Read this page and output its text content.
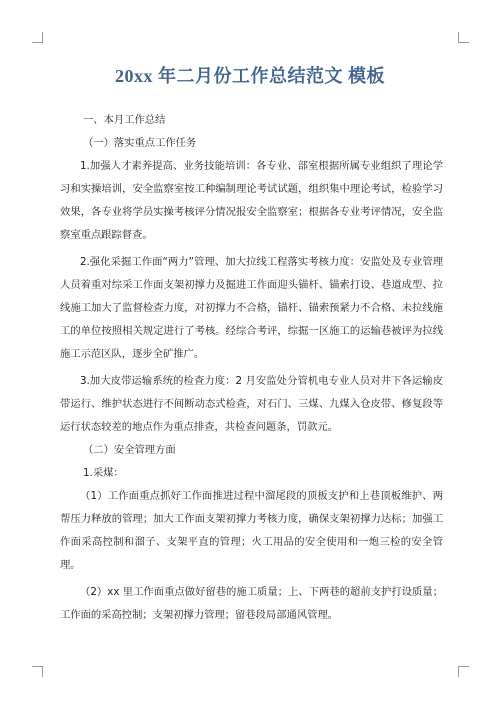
20xx 年二月份工作总结范文 模板

一、本月工作总结

（一）落实重点工作任务

1.加强人才素养提高、业务技能培训：各专业、部室根据所属专业组织了理论学习和实操培训，安全监察室按工种编制理论考试试题，组织集中理论考试，检验学习效果，各专业将学员实操考核评分情况报安全监察室；根据各专业考评情况，安全监察室重点跟踪督查。

2.强化采掘工作面“两力”管理、加大拉线工程落实考核力度：安监处及专业管理人员着重对综采工作面支架初撑力及掘进工作面迎头锚杆、锚索打设、巷道成型、拉线施工加大了监督检查力度，对初撑力不合格，锚杆、锚索预紧力不合格、未拉线施工的单位按照相关规定进行了考核。经综合考评，综掘一区施工的运输巷被评为拉线施工示范区队，逐步全矿推广。

3.加大皮带运输系统的检查力度：2 月安监处分管机电专业人员对井下各运输皮带运行、维护状态进行不间断动态式检查，对石门、三煤、九煤入仓皮带、修复段等运行状态较差的地点作为重点排查，共检查问题条，罚款元。

（二）安全管理方面

1.采煤：

（1）工作面重点抓好工作面推进过程中溜尾段的顶板支护和上巷顶板维护、两帮压力释放的管理；加大工作面支架初撑力考核力度，确保支架初撑力达标；加强工作面采高控制和溜子、支架平直的管理；火工用品的安全使用和一炮三检的安全管理。

（2）xx 里工作面重点做好留巷的施工质量；上、下两巷的超前支护打设质量；工作面的采高控制；支架初撑力管理；留巷段局部通风管理。
